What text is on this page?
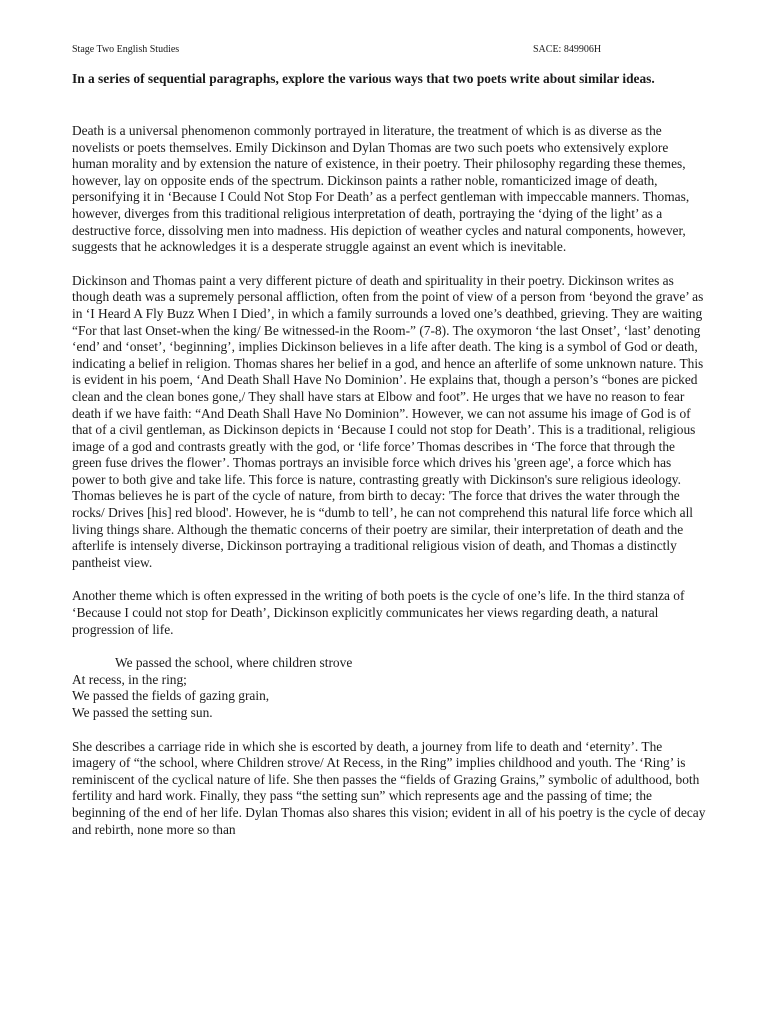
Stage Two English Studies	SACE: 849906H
In a series of sequential paragraphs, explore the various ways that two poets write about similar ideas.

Death is a universal phenomenon commonly portrayed in literature, the treatment of which is as diverse as the novelists or poets themselves. Emily Dickinson and Dylan Thomas are two such poets who extensively explore human morality and by extension the nature of existence, in their poetry. Their philosophy regarding these themes, however, lay on opposite ends of the spectrum. Dickinson paints a rather noble, romanticized image of death, personifying it in ‘Because I Could Not Stop For Death’ as a perfect gentleman with impeccable manners. Thomas, however, diverges from this traditional religious interpretation of death, portraying the ‘dying of the light’ as a destructive force, dissolving men into madness. His depiction of weather cycles and natural components, however, suggests that he acknowledges it is a desperate struggle against an event which is inevitable.

Dickinson and Thomas paint a very different picture of death and spirituality in their poetry. Dickinson writes as though death was a supremely personal affliction, often from the point of view of a person from ‘beyond the grave’ as in ‘I Heard A Fly Buzz When I Died’, in which a family surrounds a loved one’s deathbed, grieving. They are waiting “For that last Onset-when the king/ Be witnessed-in the Room-” (7-8). The oxymoron ‘the last Onset’, ‘last’ denoting ‘end’ and ‘onset’, ‘beginning’, implies Dickinson believes in a life after death. The king is a symbol of God or death, indicating a belief in religion. Thomas shares her belief in a god, and hence an afterlife of some unknown nature. This is evident in his poem, ‘And Death Shall Have No Dominion’. He explains that, though a person’s “bones are picked clean and the clean bones gone,/ They shall have stars at Elbow and foot”. He urges that we have no reason to fear death if we have faith: “And Death Shall Have No Dominion”. However, we can not assume his image of God is of that of a civil gentleman, as Dickinson depicts in ‘Because I could not stop for Death’. This is a traditional, religious image of a god and contrasts greatly with the god, or ‘life force’ Thomas describes in ‘The force that through the green fuse drives the flower’. Thomas portrays an invisible force which drives his 'green age', a force which has power to both give and take life. This force is nature, contrasting greatly with Dickinson's sure religious ideology. Thomas believes he is part of the cycle of nature, from birth to decay: 'The force that drives the water through the rocks/ Drives [his] red blood'. However, he is “dumb to tell’, he can not comprehend this natural life force which all living things share. Although the thematic concerns of their poetry are similar, their interpretation of death and the afterlife is intensely diverse, Dickinson portraying a traditional religious vision of death, and Thomas a distinctly pantheist view.

Another theme which is often expressed in the writing of both poets is the cycle of one’s life. In the third stanza of ‘Because I could not stop for Death’, Dickinson explicitly communicates her views regarding death, a natural progression of life.

We passed the school, where children strove
At recess, in the ring;
We passed the fields of gazing grain,
We passed the setting sun.

She describes a carriage ride in which she is escorted by death, a journey from life to death and ‘eternity’. The imagery of “the school, where Children strove/ At Recess, in the Ring” implies childhood and youth. The ‘Ring’ is reminiscent of the cyclical nature of life. She then passes the “fields of Grazing Grains,” symbolic of adulthood, both fertility and hard work. Finally, they pass “the setting sun” which represents age and the passing of time; the beginning of the end of her life. Dylan Thomas also shares this vision; evident in all of his poetry is the cycle of decay and rebirth, none more so than
